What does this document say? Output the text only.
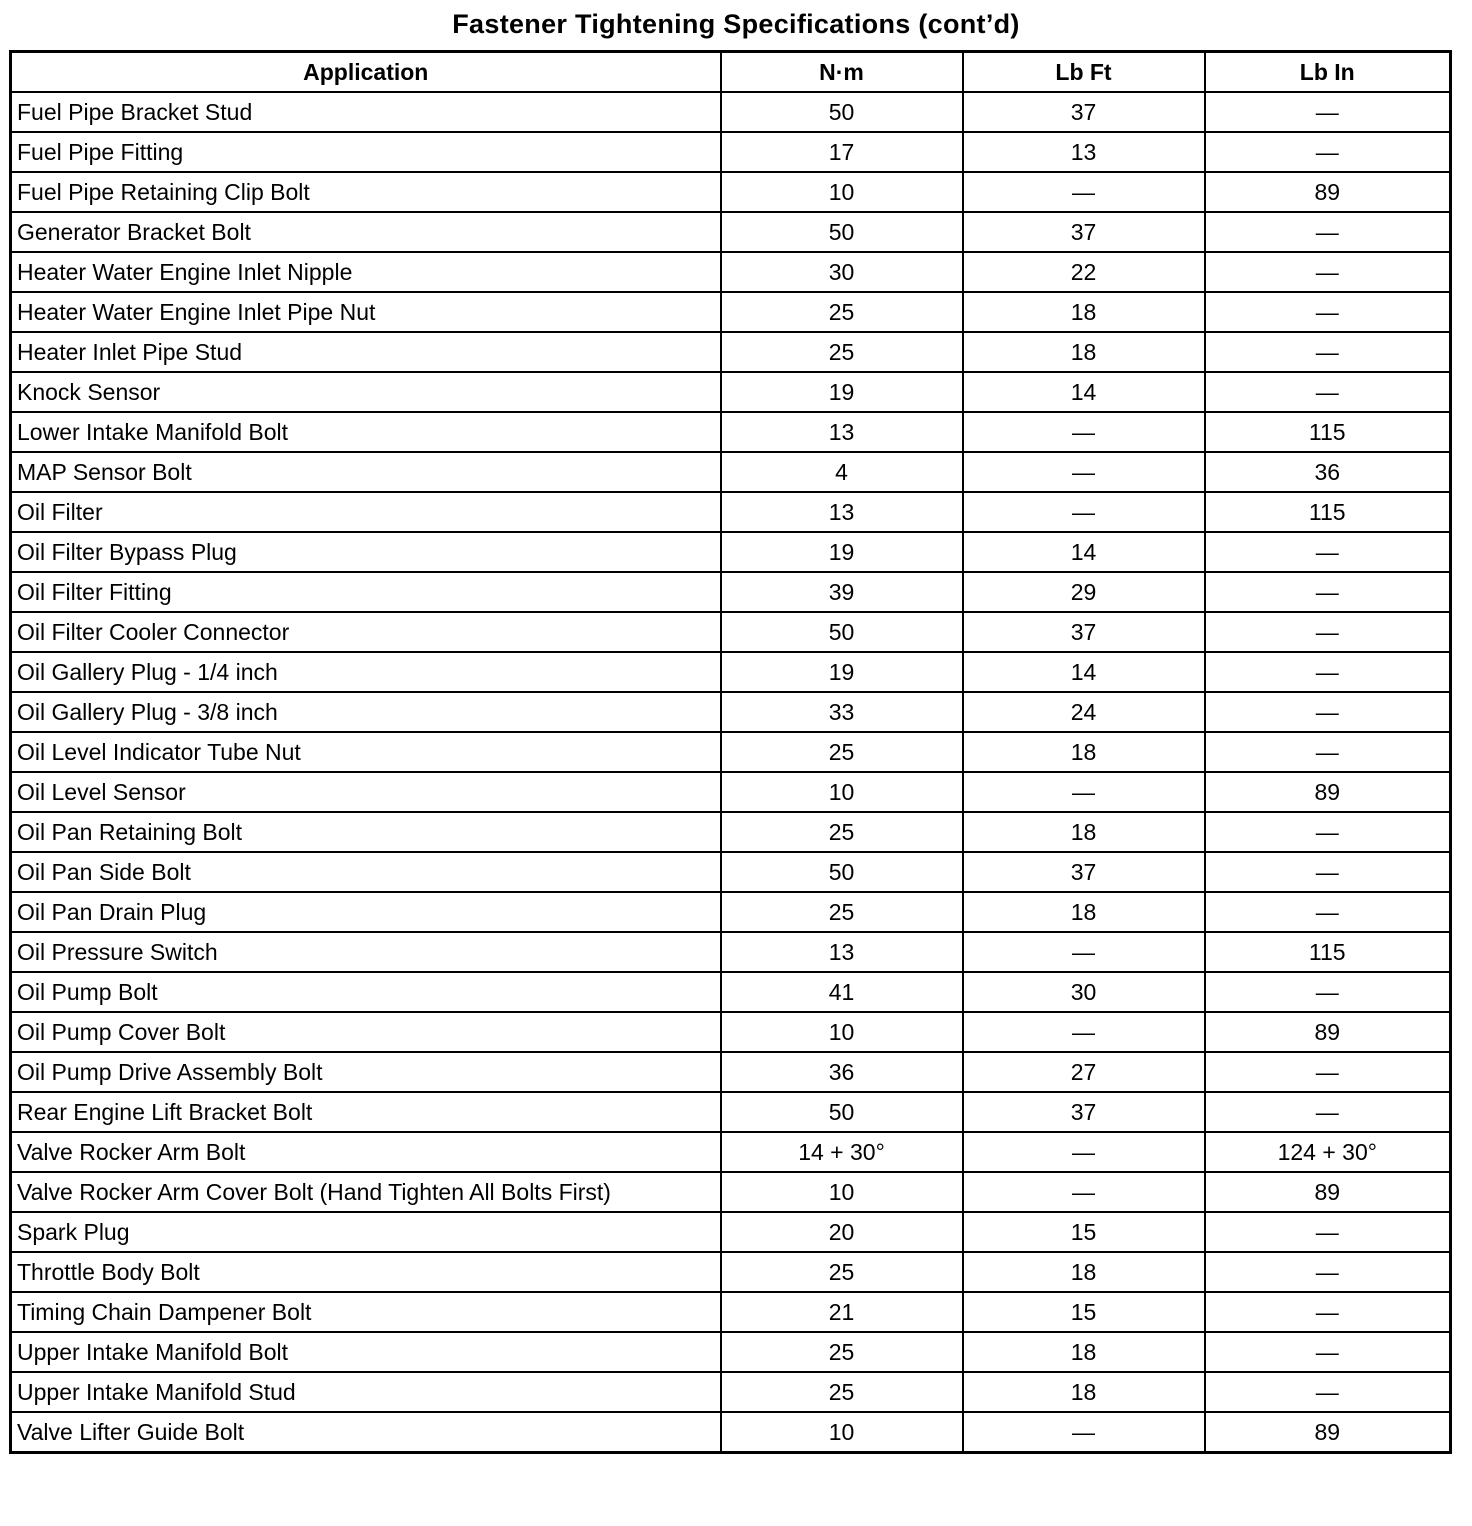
Fastener Tightening Specifications (cont’d)
Application	N·m	Lb Ft	Lb In
Fuel Pipe Bracket Stud	50	37	—
Fuel Pipe Fitting	17	13	—
Fuel Pipe Retaining Clip Bolt	10	—	89
Generator Bracket Bolt	50	37	—
Heater Water Engine Inlet Nipple	30	22	—
Heater Water Engine Inlet Pipe Nut	25	18	—
Heater Inlet Pipe Stud	25	18	—
Knock Sensor	19	14	—
Lower Intake Manifold Bolt	13	—	115
MAP Sensor Bolt	4	—	36
Oil Filter	13	—	115
Oil Filter Bypass Plug	19	14	—
Oil Filter Fitting	39	29	—
Oil Filter Cooler Connector	50	37	—
Oil Gallery Plug - 1/4 inch	19	14	—
Oil Gallery Plug - 3/8 inch	33	24	—
Oil Level Indicator Tube Nut	25	18	—
Oil Level Sensor	10	—	89
Oil Pan Retaining Bolt	25	18	—
Oil Pan Side Bolt	50	37	—
Oil Pan Drain Plug	25	18	—
Oil Pressure Switch	13	—	115
Oil Pump Bolt	41	30	—
Oil Pump Cover Bolt	10	—	89
Oil Pump Drive Assembly Bolt	36	27	—
Rear Engine Lift Bracket Bolt	50	37	—
Valve Rocker Arm Bolt	14 + 30°	—	124 + 30°
Valve Rocker Arm Cover Bolt (Hand Tighten All Bolts First)	10	—	89
Spark Plug	20	15	—
Throttle Body Bolt	25	18	—
Timing Chain Dampener Bolt	21	15	—
Upper Intake Manifold Bolt	25	18	—
Upper Intake Manifold Stud	25	18	—
Valve Lifter Guide Bolt	10	—	89
